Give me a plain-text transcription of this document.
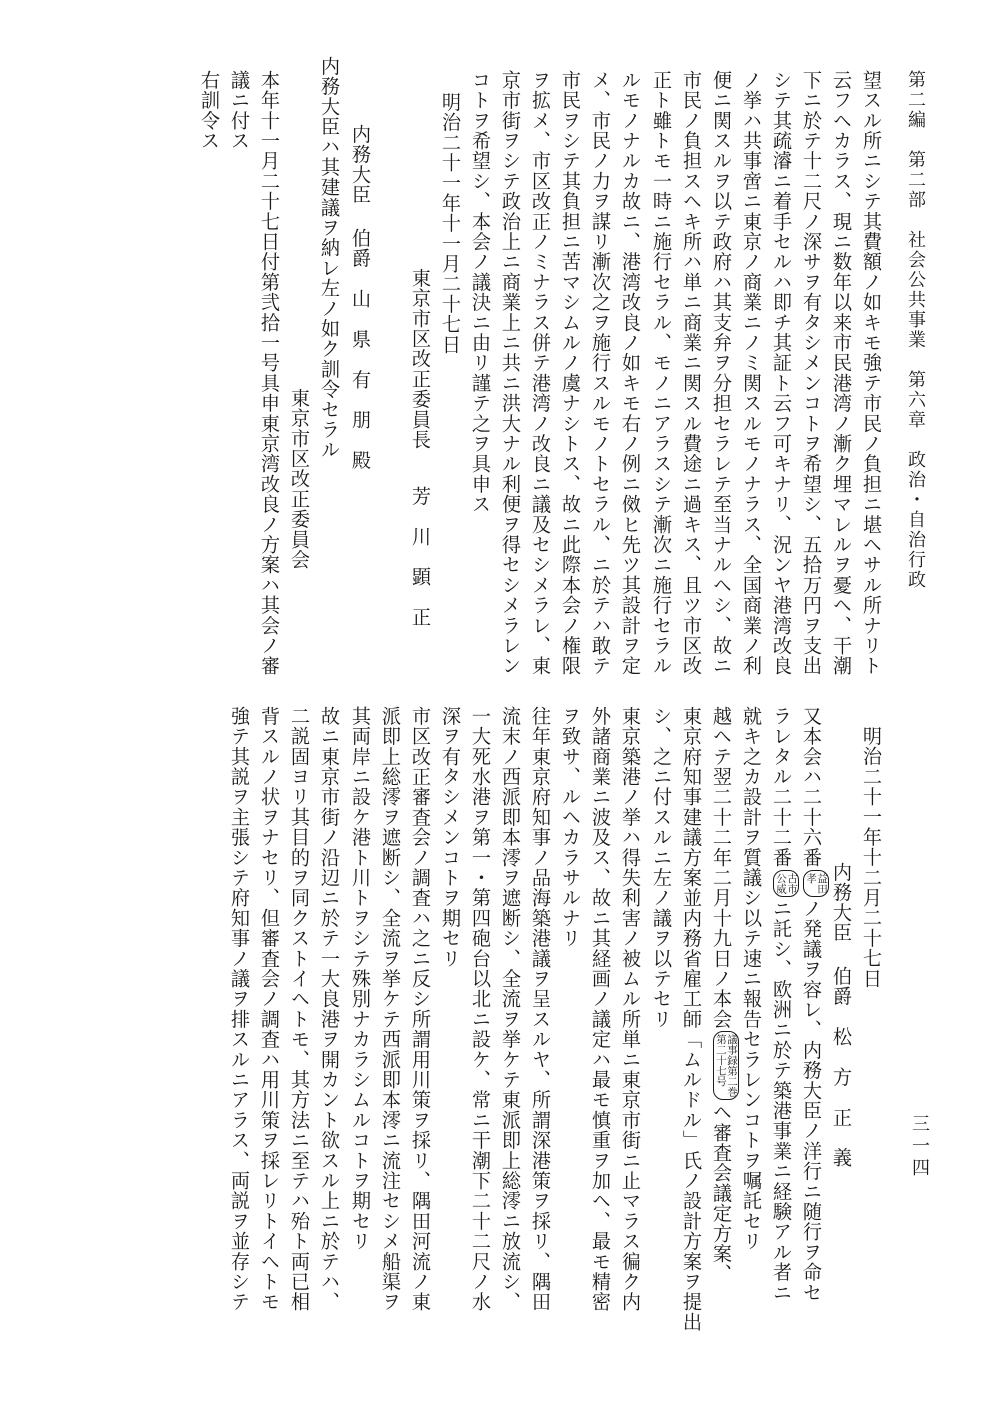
第二編　第二部　社会公共事業　第六章　政治・自治行政
三一四
望スル所ニシテ其費額ノ如キモ強テ市民ノ負担ニ堪ヘサル所ナリト
云フヘカラス、現ニ数年以来市民港湾ノ漸ク埋マレルヲ憂ヘ、干潮
下ニ於テ十二尺ノ深サヲ有タシメンコトヲ希望シ、五拾万円ヲ支出
シテ其疏濬ニ着手セルハ即チ其証ト云フ可キナリ、況ンヤ港湾改良
ノ挙ハ共事啻ニ東京ノ商業ニノミ関スルモノナラス、全国商業ノ利
便ニ関スルヲ以テ政府ハ其支弁ヲ分担セラレテ至当ナルヘシ、故ニ
市民ノ負担スヘキ所ハ単ニ商業ニ関スル費途ニ過キス、且ツ市区改
正ト雖トモ一時ニ施行セラル、モノニアラスシテ漸次ニ施行セラル
ルモノナルカ故ニ、港湾改良ノ如キモ右ノ例ニ傚ヒ先ツ其設計ヲ定
メ、市民ノ力ヲ謀リ漸次之ヲ施行スルモノトセラル、ニ於テハ敢テ
市民ヲシテ其負担ニ苦マシムルノ虞ナシトス、故ニ此際本会ノ権限
ヲ拡メ、市区改正ノミナラス併テ港湾ノ改良ニ議及セシメラレ、東
京市街ヲシテ政治上ニ商業上ニ共ニ洪大ナル利便ヲ得セシメラレン
コトヲ希望シ、本会ノ議決ニ由リ謹テ之ヲ具申ス
明治二十一年十一月二十七日
東京市区改正委員長
芳　川　顕　正
内務大臣
伯爵　山　県　有　朋　殿
内務大臣ハ其建議ヲ納レ左ノ如ク訓令セラル
東京市区改正委員会
本年十一月二十七日付第弐拾一号具申東京湾改良ノ方案ハ其会ノ審
議ニ付ス
右訓令ス
明治二十一年十二月二十七日
内務大臣
伯爵　松　方　正　義
又本会ハ二十六番益田
孝ノ発議ヲ容レ、内務大臣ノ洋行ニ随行ヲ命セ
ラレタル二十二番古市
公威ニ託シ、欧洲ニ於テ築港事業ニ経験アル者ニ
就キ之カ設計ヲ質議シ以テ速ニ報告セラレンコトヲ嘱託セリ
越ヘテ翌二十二年二月十九日ノ本会議事録第二巻
第二十七号ヘ審査会議定方案、
東京府知事建議方案並内務省雇工師「ムルドル」氏ノ設計方案ヲ提出
シ、之ニ付スルニ左ノ議ヲ以テセリ
東京築港ノ挙ハ得失利害ノ被ムル所単ニ東京市街ニ止マラス徧ク内
外諸商業ニ波及ス、故ニ其経画ノ議定ハ最モ慎重ヲ加ヘ、最モ精密
ヲ致サ、ルヘカラサルナリ
往年東京府知事ノ品海築港議ヲ呈スルヤ、所謂深港策ヲ採リ、隅田
流末ノ西派即本澪ヲ遮断シ、全流ヲ挙ケテ東派即上総澪ニ放流シ、
一大死水港ヲ第一・第四砲台以北ニ設ケ、常ニ干潮下二十二尺ノ水
深ヲ有タシメンコトヲ期セリ
市区改正審査会ノ調査ハ之ニ反シ所謂用川策ヲ採リ、隅田河流ノ東
派即上総澪ヲ遮断シ、全流ヲ挙ケテ西派即本澪ニ流注セシメ船渠ヲ
其両岸ニ設ケ港ト川トヲシテ殊別ナカラシムルコトヲ期セリ
故ニ東京市街ノ沿辺ニ於テ一大良港ヲ開カント欲スル上ニ於テハ、
二説固ヨリ其目的ヲ同クストイヘトモ、其方法ニ至テハ殆ト両已相
背スルノ状ヲナセリ、但審査会ノ調査ハ用川策ヲ採レリトイヘトモ
強テ其説ヲ主張シテ府知事ノ議ヲ排スルニアラス、両説ヲ並存シテ
